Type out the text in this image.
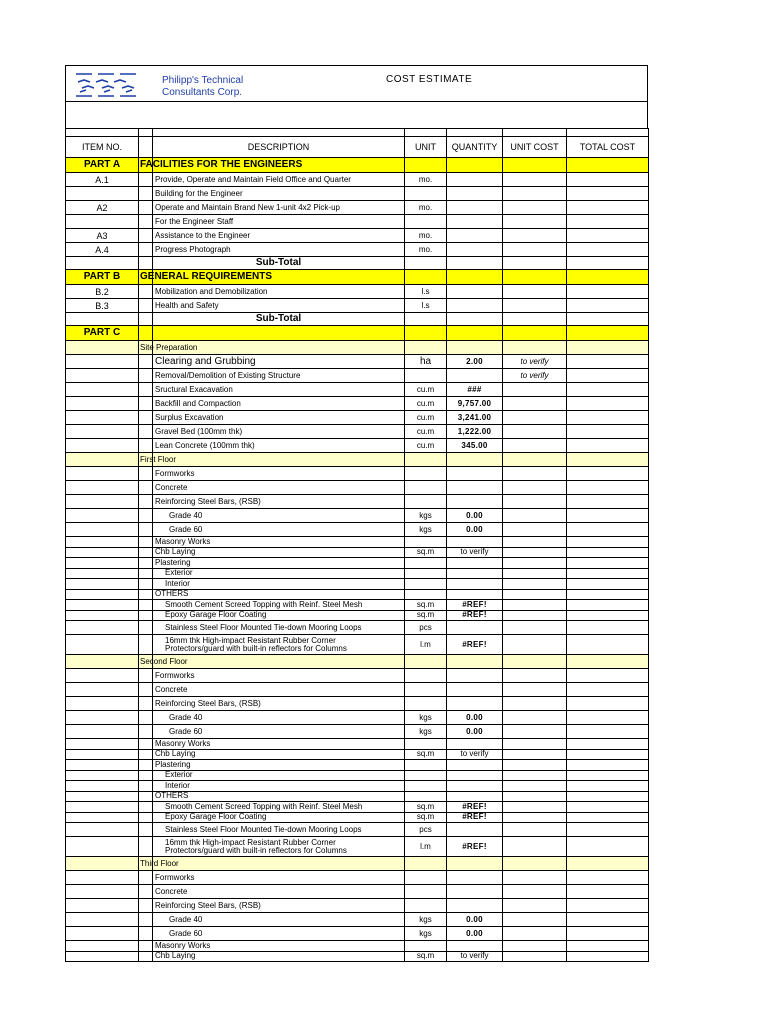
Philipp's Technical
Consultants Corp.
COST ESTIMATE

ITEM NO.		DESCRIPTION	UNIT	QUANTITY	UNIT COST	TOTAL COST
PART A		FACILITIES FOR THE ENGINEERS				

A.1		Provide, Operate and Maintain Field Office and Quarter	mo.			

		Building for the Engineer				

A2		Operate and Maintain Brand New 1-unit 4x2 Pick-up	mo.			

		For the Engineer Staff				

A3		Assistance to the Engineer	mo.			
A.4		Progress Photograph	mo.			

		Sub-Total				

PART B		GENERAL REQUIREMENTS				

B.2		Mobilization and Demobilization	l.s			
B.3		Health and Safety	l.s			

		Sub-Total				

PART C		

		Site Preparation				

		Clearing and Grubbing	ha	2.00	to verify	

		Removal/Demolition of Existing Structure			to verify	

		Sructural Exacavation	cu.m	###		

		Backfill and Compaction	cu.m	9,757.00		

		Surplus Excavation	cu.m	3,241.00		

		Gravel Bed (100mm thk)	cu.m	1,222.00		

		Lean Concrete (100mm thk)	cu.m	345.00		

		First Floor				

		Formworks				

		Concrete				

		Reinforcing Steel Bars, (RSB)				

		Grade 40	kgs	0.00		

		Grade 60	kgs	0.00		

		Masonry Works				

		Chb Laying	sq.m	to verify		

		Plastering				

		Exterior				

		Interior				

		OTHERS				

		Smooth Cement Screed Topping with Reinf. Steel Mesh	sq.m	#REF!		

		Epoxy Garage Floor Coating	sq.m	#REF!		

		Stainless Steel Floor Mounted Tie-down Mooring Loops	pcs			

		16mm thk High-impact Resistant Rubber Corner
Protectors/guard with built-in reflectors for Columns	l.m	#REF!		

		Second Floor				

		Formworks				

		Concrete				

		Reinforcing Steel Bars, (RSB)				

		Grade 40	kgs	0.00		

		Grade 60	kgs	0.00		

		Masonry Works				

		Chb Laying	sq.m	to verify		

		Plastering				

		Exterior				

		Interior				

		OTHERS				

		Smooth Cement Screed Topping with Reinf. Steel Mesh	sq.m	#REF!		

		Epoxy Garage Floor Coating	sq.m	#REF!		

		Stainless Steel Floor Mounted Tie-down Mooring Loops	pcs			

		16mm thk High-impact Resistant Rubber Corner
Protectors/guard with built-in reflectors for Columns	l.m	#REF!		

		Third Floor				

		Formworks				

		Concrete				

		Reinforcing Steel Bars, (RSB)				

		Grade 40	kgs	0.00		

		Grade 60	kgs	0.00		

		Masonry Works				

		Chb Laying	sq.m	to verify		
